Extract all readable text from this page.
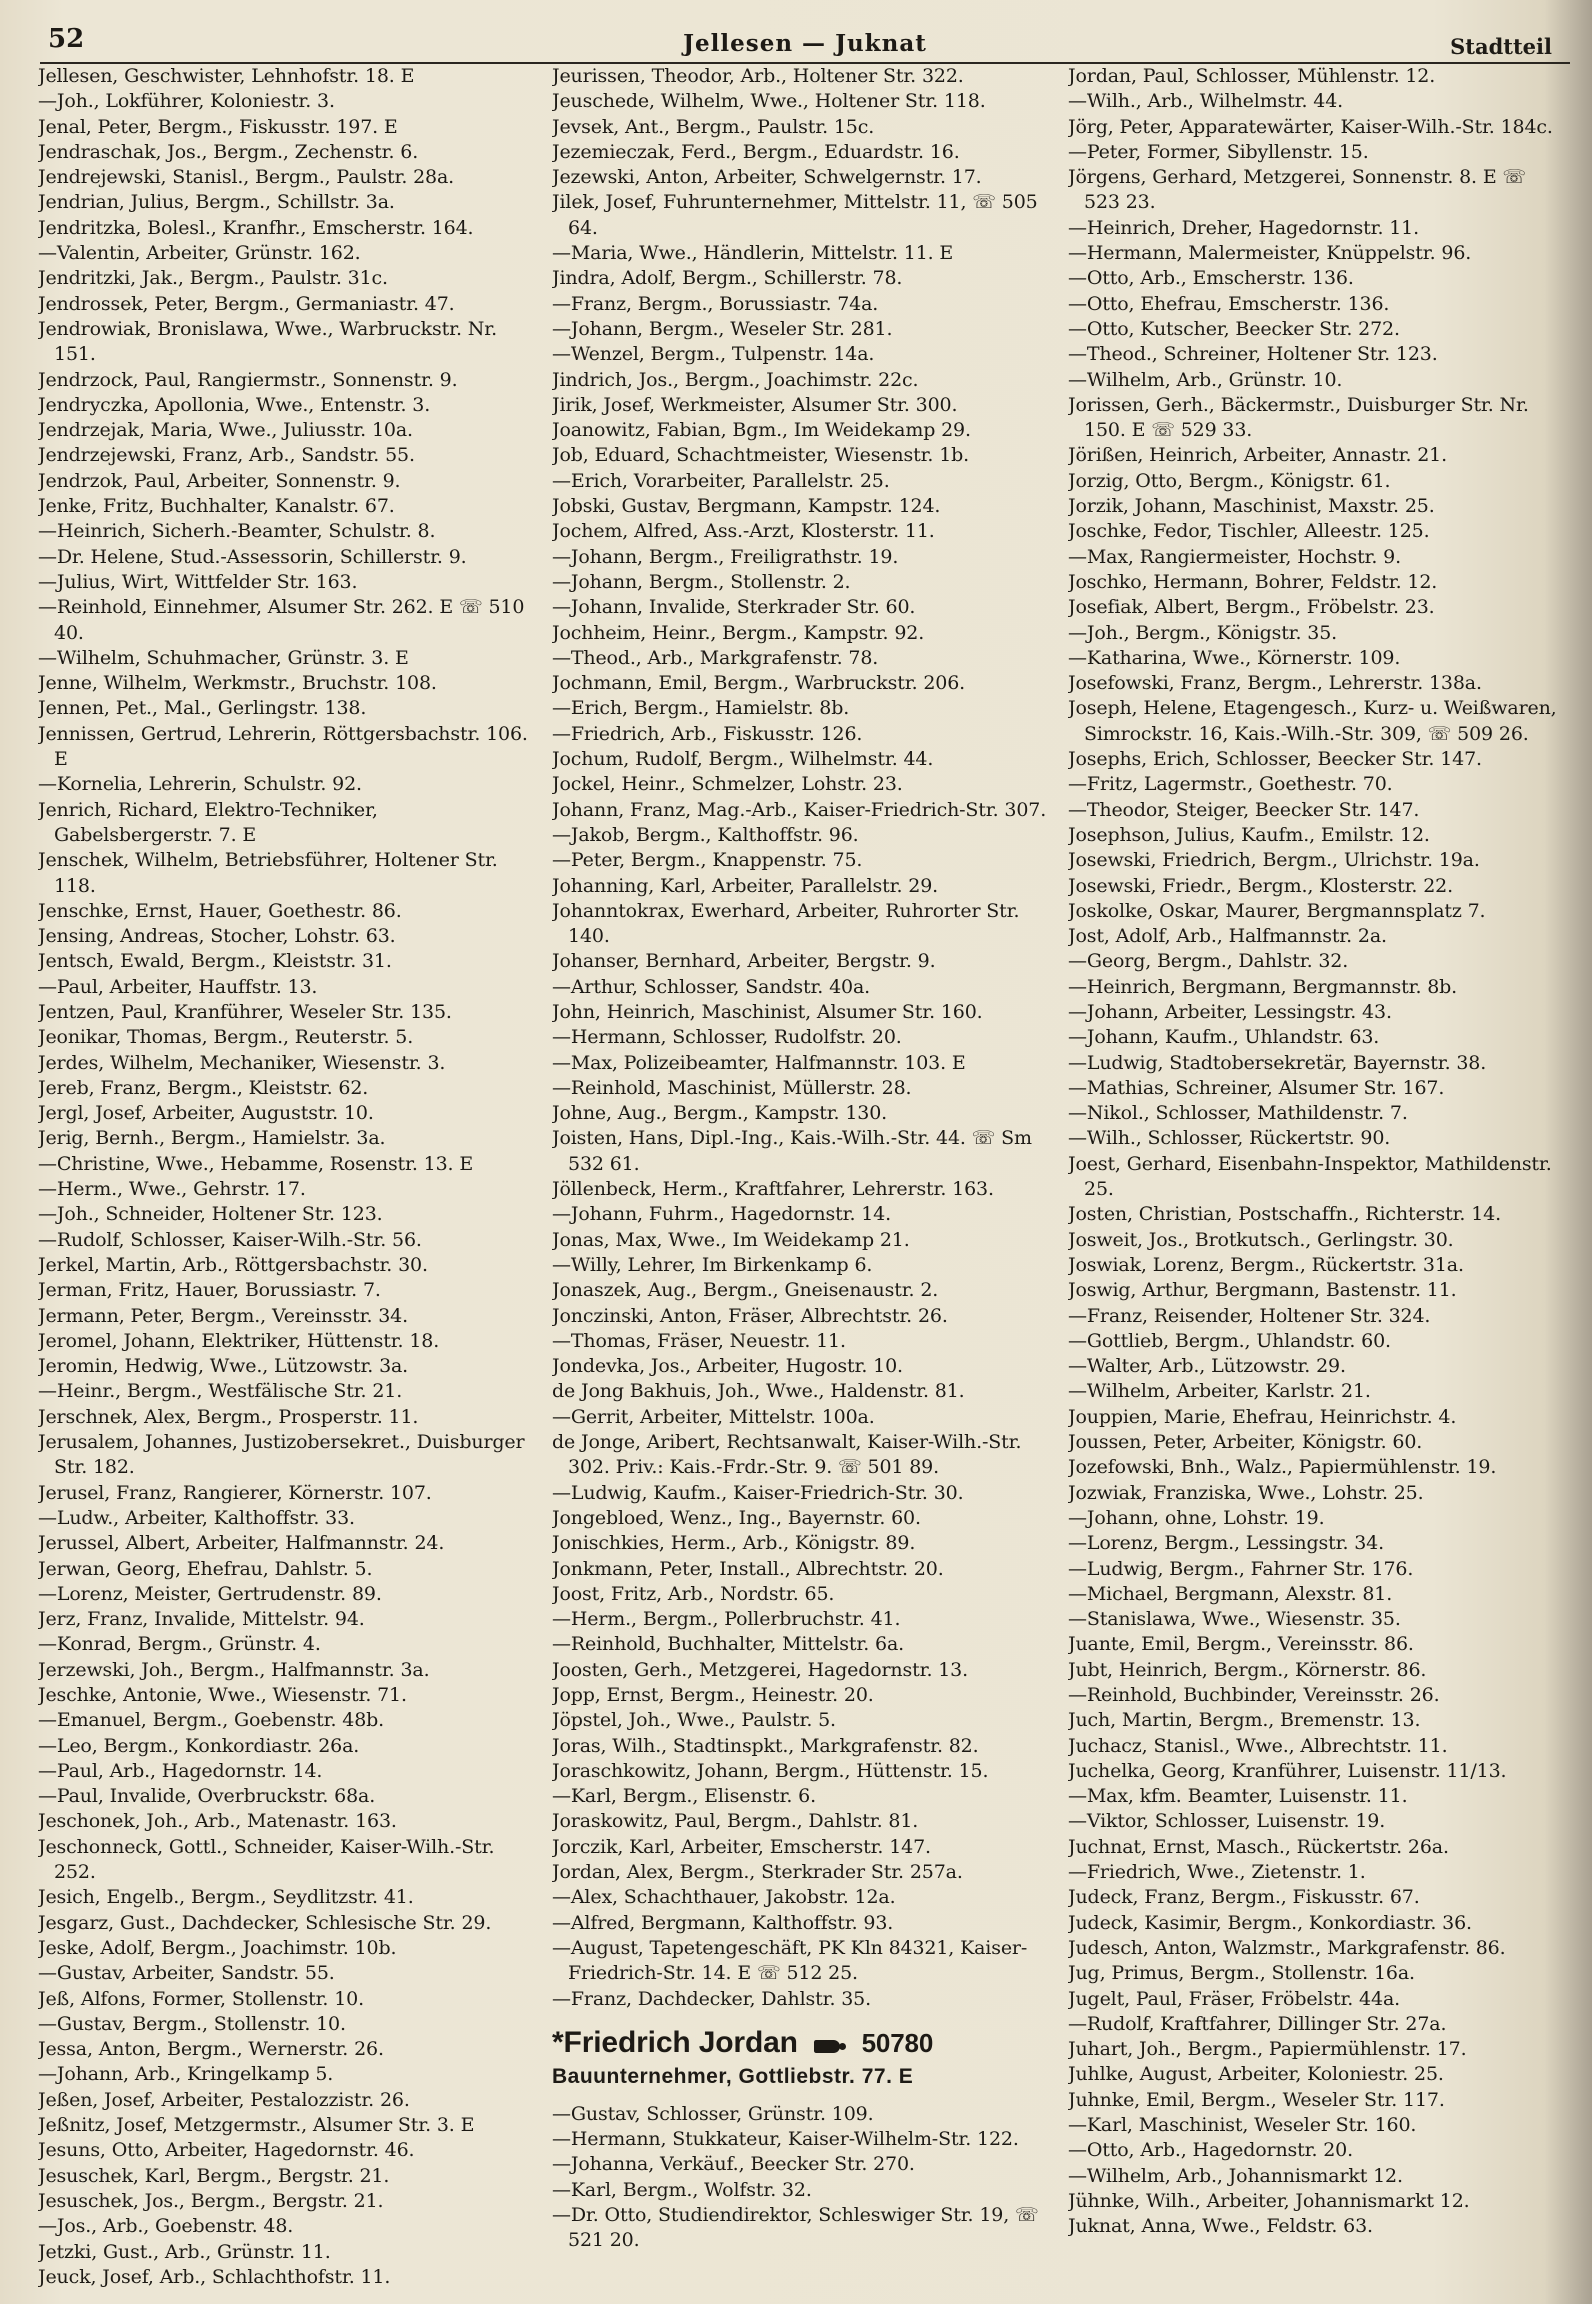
52	Jellesen — Juknat	Stadtteil

Jellesen, Geschwister, Lehnhofstr. 18. E

—Joh., Lokführer, Koloniestr. 3.

Jenal, Peter, Bergm., Fiskusstr. 197. E

Jendraschak, Jos., Bergm., Zechenstr. 6.

Jendrejewski, Stanisl., Bergm., Paulstr. 28a.

Jendrian, Julius, Bergm., Schillstr. 3a.

Jendritzka, Bolesl., Kranfhr., Emscherstr. 164.

—Valentin, Arbeiter, Grünstr. 162.

Jendritzki, Jak., Bergm., Paulstr. 31c.

Jendrossek, Peter, Bergm., Germaniastr. 47.

Jendrowiak, Bronislawa, Wwe., Warbruckstr. Nr. 151.

Jendrzock, Paul, Rangiermstr., Sonnenstr. 9.

Jendryczka, Apollonia, Wwe., Entenstr. 3.

Jendrzejak, Maria, Wwe., Juliusstr. 10a.

Jendrzejewski, Franz, Arb., Sandstr. 55.

Jendrzok, Paul, Arbeiter, Sonnenstr. 9.

Jenke, Fritz, Buchhalter, Kanalstr. 67.

—Heinrich, Sicherh.-Beamter, Schulstr. 8.

—Dr. Helene, Stud.-Assessorin, Schillerstr. 9.

—Julius, Wirt, Wittfelder Str. 163.

—Reinhold, Einnehmer, Alsumer Str. 262. E ☏ 510 40.

—Wilhelm, Schuhmacher, Grünstr. 3. E

Jenne, Wilhelm, Werkmstr., Bruchstr. 108.

Jennen, Pet., Mal., Gerlingstr. 138.

Jennissen, Gertrud, Lehrerin, Röttgersbachstr. 106. E

—Kornelia, Lehrerin, Schulstr. 92.

Jenrich, Richard, Elektro-Techniker, Gabelsbergerstr. 7. E

Jenschek, Wilhelm, Betriebsführer, Holtener Str. 118.

Jenschke, Ernst, Hauer, Goethestr. 86.

Jensing, Andreas, Stocher, Lohstr. 63.

Jentsch, Ewald, Bergm., Kleiststr. 31.

—Paul, Arbeiter, Hauffstr. 13.

Jentzen, Paul, Kranführer, Weseler Str. 135.

Jeonikar, Thomas, Bergm., Reuterstr. 5.

Jerdes, Wilhelm, Mechaniker, Wiesenstr. 3.

Jereb, Franz, Bergm., Kleiststr. 62.

Jergl, Josef, Arbeiter, Auguststr. 10.

Jerig, Bernh., Bergm., Hamielstr. 3a.

—Christine, Wwe., Hebamme, Rosenstr. 13. E

—Herm., Wwe., Gehrstr. 17.

—Joh., Schneider, Holtener Str. 123.

—Rudolf, Schlosser, Kaiser-Wilh.-Str. 56.

Jerkel, Martin, Arb., Röttgersbachstr. 30.

Jerman, Fritz, Hauer, Borussiastr. 7.

Jermann, Peter, Bergm., Vereinsstr. 34.

Jeromel, Johann, Elektriker, Hüttenstr. 18.

Jeromin, Hedwig, Wwe., Lützowstr. 3a.

—Heinr., Bergm., Westfälische Str. 21.

Jerschnek, Alex, Bergm., Prosperstr. 11.

Jerusalem, Johannes, Justizobersekret., Duisburger Str. 182.

Jerusel, Franz, Rangierer, Körnerstr. 107.

—Ludw., Arbeiter, Kalthoffstr. 33.

Jerussel, Albert, Arbeiter, Halfmannstr. 24.

Jerwan, Georg, Ehefrau, Dahlstr. 5.

—Lorenz, Meister, Gertrudenstr. 89.

Jerz, Franz, Invalide, Mittelstr. 94.

—Konrad, Bergm., Grünstr. 4.

Jerzewski, Joh., Bergm., Halfmannstr. 3a.

Jeschke, Antonie, Wwe., Wiesenstr. 71.

—Emanuel, Bergm., Goebenstr. 48b.

—Leo, Bergm., Konkordiastr. 26a.

—Paul, Arb., Hagedornstr. 14.

—Paul, Invalide, Overbruckstr. 68a.

Jeschonek, Joh., Arb., Matenastr. 163.

Jeschonneck, Gottl., Schneider, Kaiser-Wilh.-Str. 252.

Jesich, Engelb., Bergm., Seydlitzstr. 41.

Jesgarz, Gust., Dachdecker, Schlesische Str. 29.

Jeske, Adolf, Bergm., Joachimstr. 10b.

—Gustav, Arbeiter, Sandstr. 55.

Jeß, Alfons, Former, Stollenstr. 10.

—Gustav, Bergm., Stollenstr. 10.

Jessa, Anton, Bergm., Wernerstr. 26.

—Johann, Arb., Kringelkamp 5.

Jeßen, Josef, Arbeiter, Pestalozzistr. 26.

Jeßnitz, Josef, Metzgermstr., Alsumer Str. 3. E

Jesuns, Otto, Arbeiter, Hagedornstr. 46.

Jesuschek, Karl, Bergm., Bergstr. 21.

Jesuschek, Jos., Bergm., Bergstr. 21.

—Jos., Arb., Goebenstr. 48.

Jetzki, Gust., Arb., Grünstr. 11.

Jeuck, Josef, Arb., Schlachthofstr. 11.

Jeurissen, Theodor, Arb., Holtener Str. 322.

Jeuschede, Wilhelm, Wwe., Holtener Str. 118.

Jevsek, Ant., Bergm., Paulstr. 15c.

Jezemieczak, Ferd., Bergm., Eduardstr. 16.

Jezewski, Anton, Arbeiter, Schwelgernstr. 17.

Jilek, Josef, Fuhrunternehmer, Mittelstr. 11, ☏ 505 64.

—Maria, Wwe., Händlerin, Mittelstr. 11. E

Jindra, Adolf, Bergm., Schillerstr. 78.

—Franz, Bergm., Borussiastr. 74a.

—Johann, Bergm., Weseler Str. 281.

—Wenzel, Bergm., Tulpenstr. 14a.

Jindrich, Jos., Bergm., Joachimstr. 22c.

Jirik, Josef, Werkmeister, Alsumer Str. 300.

Joanowitz, Fabian, Bgm., Im Weidekamp 29.

Job, Eduard, Schachtmeister, Wiesenstr. 1b.

—Erich, Vorarbeiter, Parallelstr. 25.

Jobski, Gustav, Bergmann, Kampstr. 124.

Jochem, Alfred, Ass.-Arzt, Klosterstr. 11.

—Johann, Bergm., Freiligrathstr. 19.

—Johann, Bergm., Stollenstr. 2.

—Johann, Invalide, Sterkrader Str. 60.

Jochheim, Heinr., Bergm., Kampstr. 92.

—Theod., Arb., Markgrafenstr. 78.

Jochmann, Emil, Bergm., Warbruckstr. 206.

—Erich, Bergm., Hamielstr. 8b.

—Friedrich, Arb., Fiskusstr. 126.

Jochum, Rudolf, Bergm., Wilhelmstr. 44.

Jockel, Heinr., Schmelzer, Lohstr. 23.

Johann, Franz, Mag.-Arb., Kaiser-Friedrich-Str. 307.

—Jakob, Bergm., Kalthoffstr. 96.

—Peter, Bergm., Knappenstr. 75.

Johanning, Karl, Arbeiter, Parallelstr. 29.

Johanntokrax, Ewerhard, Arbeiter, Ruhrorter Str. 140.

Johanser, Bernhard, Arbeiter, Bergstr. 9.

—Arthur, Schlosser, Sandstr. 40a.

John, Heinrich, Maschinist, Alsumer Str. 160.

—Hermann, Schlosser, Rudolfstr. 20.

—Max, Polizeibeamter, Halfmannstr. 103. E

—Reinhold, Maschinist, Müllerstr. 28.

Johne, Aug., Bergm., Kampstr. 130.

Joisten, Hans, Dipl.-Ing., Kais.-Wilh.-Str. 44. ☏ Sm 532 61.

Jöllenbeck, Herm., Kraftfahrer, Lehrerstr. 163.

—Johann, Fuhrm., Hagedornstr. 14.

Jonas, Max, Wwe., Im Weidekamp 21.

—Willy, Lehrer, Im Birkenkamp 6.

Jonaszek, Aug., Bergm., Gneisenaustr. 2.

Jonczinski, Anton, Fräser, Albrechtstr. 26.

—Thomas, Fräser, Neuestr. 11.

Jondevka, Jos., Arbeiter, Hugostr. 10.

de Jong Bakhuis, Joh., Wwe., Haldenstr. 81.

—Gerrit, Arbeiter, Mittelstr. 100a.

de Jonge, Aribert, Rechtsanwalt, Kaiser-Wilh.-Str. 302. Priv.: Kais.-Frdr.-Str. 9. ☏ 501 89.

—Ludwig, Kaufm., Kaiser-Friedrich-Str. 30.

Jongebloed, Wenz., Ing., Bayernstr. 60.

Jonischkies, Herm., Arb., Königstr. 89.

Jonkmann, Peter, Install., Albrechtstr. 20.

Joost, Fritz, Arb., Nordstr. 65.

—Herm., Bergm., Pollerbruchstr. 41.

—Reinhold, Buchhalter, Mittelstr. 6a.

Joosten, Gerh., Metzgerei, Hagedornstr. 13.

Jopp, Ernst, Bergm., Heinestr. 20.

Jöpstel, Joh., Wwe., Paulstr. 5.

Joras, Wilh., Stadtinspkt., Markgrafenstr. 82.

Joraschkowitz, Johann, Bergm., Hüttenstr. 15.

—Karl, Bergm., Elisenstr. 6.

Joraskowitz, Paul, Bergm., Dahlstr. 81.

Jorczik, Karl, Arbeiter, Emscherstr. 147.

Jordan, Alex, Bergm., Sterkrader Str. 257a.

—Alex, Schachthauer, Jakobstr. 12a.

—Alfred, Bergmann, Kalthoffstr. 93.

—August, Tapetengeschäft, PK Kln 84321, Kaiser-Friedrich-Str. 14. E ☏ 512 25.

—Franz, Dachdecker, Dahlstr. 35.

*Friedrich Jordan 50780
Bauunternehmer, Gottliebstr. 77. E

—Gustav, Schlosser, Grünstr. 109.

—Hermann, Stukkateur, Kaiser-Wilhelm-Str. 122.

—Johanna, Verkäuf., Beecker Str. 270.

—Karl, Bergm., Wolfstr. 32.

—Dr. Otto, Studiendirektor, Schleswiger Str. 19, ☏ 521 20.

Jordan, Paul, Schlosser, Mühlenstr. 12.

—Wilh., Arb., Wilhelmstr. 44.

Jörg, Peter, Apparatewärter, Kaiser-Wilh.-Str. 184c.

—Peter, Former, Sibyllenstr. 15.

Jörgens, Gerhard, Metzgerei, Sonnenstr. 8. E ☏ 523 23.

—Heinrich, Dreher, Hagedornstr. 11.

—Hermann, Malermeister, Knüppelstr. 96.

—Otto, Arb., Emscherstr. 136.

—Otto, Ehefrau, Emscherstr. 136.

—Otto, Kutscher, Beecker Str. 272.

—Theod., Schreiner, Holtener Str. 123.

—Wilhelm, Arb., Grünstr. 10.

Jorissen, Gerh., Bäckermstr., Duisburger Str. Nr. 150. E ☏ 529 33.

Jörißen, Heinrich, Arbeiter, Annastr. 21.

Jorzig, Otto, Bergm., Königstr. 61.

Jorzik, Johann, Maschinist, Maxstr. 25.

Joschke, Fedor, Tischler, Alleestr. 125.

—Max, Rangiermeister, Hochstr. 9.

Joschko, Hermann, Bohrer, Feldstr. 12.

Josefiak, Albert, Bergm., Fröbelstr. 23.

—Joh., Bergm., Königstr. 35.

—Katharina, Wwe., Körnerstr. 109.

Josefowski, Franz, Bergm., Lehrerstr. 138a.

Joseph, Helene, Etagengesch., Kurz- u. Weißwaren, Simrockstr. 16, Kais.-Wilh.-Str. 309, ☏ 509 26.

Josephs, Erich, Schlosser, Beecker Str. 147.

—Fritz, Lagermstr., Goethestr. 70.

—Theodor, Steiger, Beecker Str. 147.

Josephson, Julius, Kaufm., Emilstr. 12.

Josewski, Friedrich, Bergm., Ulrichstr. 19a.

Josewski, Friedr., Bergm., Klosterstr. 22.

Joskolke, Oskar, Maurer, Bergmannsplatz 7.

Jost, Adolf, Arb., Halfmannstr. 2a.

—Georg, Bergm., Dahlstr. 32.

—Heinrich, Bergmann, Bergmannstr. 8b.

—Johann, Arbeiter, Lessingstr. 43.

—Johann, Kaufm., Uhlandstr. 63.

—Ludwig, Stadtobersekretär, Bayernstr. 38.

—Mathias, Schreiner, Alsumer Str. 167.

—Nikol., Schlosser, Mathildenstr. 7.

—Wilh., Schlosser, Rückertstr. 90.

Joest, Gerhard, Eisenbahn-Inspektor, Mathildenstr. 25.

Josten, Christian, Postschaffn., Richterstr. 14.

Josweit, Jos., Brotkutsch., Gerlingstr. 30.

Joswiak, Lorenz, Bergm., Rückertstr. 31a.

Joswig, Arthur, Bergmann, Bastenstr. 11.

—Franz, Reisender, Holtener Str. 324.

—Gottlieb, Bergm., Uhlandstr. 60.

—Walter, Arb., Lützowstr. 29.

—Wilhelm, Arbeiter, Karlstr. 21.

Jouppien, Marie, Ehefrau, Heinrichstr. 4.

Joussen, Peter, Arbeiter, Königstr. 60.

Jozefowski, Bnh., Walz., Papiermühlenstr. 19.

Jozwiak, Franziska, Wwe., Lohstr. 25.

—Johann, ohne, Lohstr. 19.

—Lorenz, Bergm., Lessingstr. 34.

—Ludwig, Bergm., Fahrner Str. 176.

—Michael, Bergmann, Alexstr. 81.

—Stanislawa, Wwe., Wiesenstr. 35.

Juante, Emil, Bergm., Vereinsstr. 86.

Jubt, Heinrich, Bergm., Körnerstr. 86.

—Reinhold, Buchbinder, Vereinsstr. 26.

Juch, Martin, Bergm., Bremenstr. 13.

Juchacz, Stanisl., Wwe., Albrechtstr. 11.

Juchelka, Georg, Kranführer, Luisenstr. 11/13.

—Max, kfm. Beamter, Luisenstr. 11.

—Viktor, Schlosser, Luisenstr. 19.

Juchnat, Ernst, Masch., Rückertstr. 26a.

—Friedrich, Wwe., Zietenstr. 1.

Judeck, Franz, Bergm., Fiskusstr. 67.

Judeck, Kasimir, Bergm., Konkordiastr. 36.

Judesch, Anton, Walzmstr., Markgrafenstr. 86.

Jug, Primus, Bergm., Stollenstr. 16a.

Jugelt, Paul, Fräser, Fröbelstr. 44a.

—Rudolf, Kraftfahrer, Dillinger Str. 27a.

Juhart, Joh., Bergm., Papiermühlenstr. 17.

Juhlke, August, Arbeiter, Koloniestr. 25.

Juhnke, Emil, Bergm., Weseler Str. 117.

—Karl, Maschinist, Weseler Str. 160.

—Otto, Arb., Hagedornstr. 20.

—Wilhelm, Arb., Johannismarkt 12.

Jühnke, Wilh., Arbeiter, Johannismarkt 12.

Juknat, Anna, Wwe., Feldstr. 63.
